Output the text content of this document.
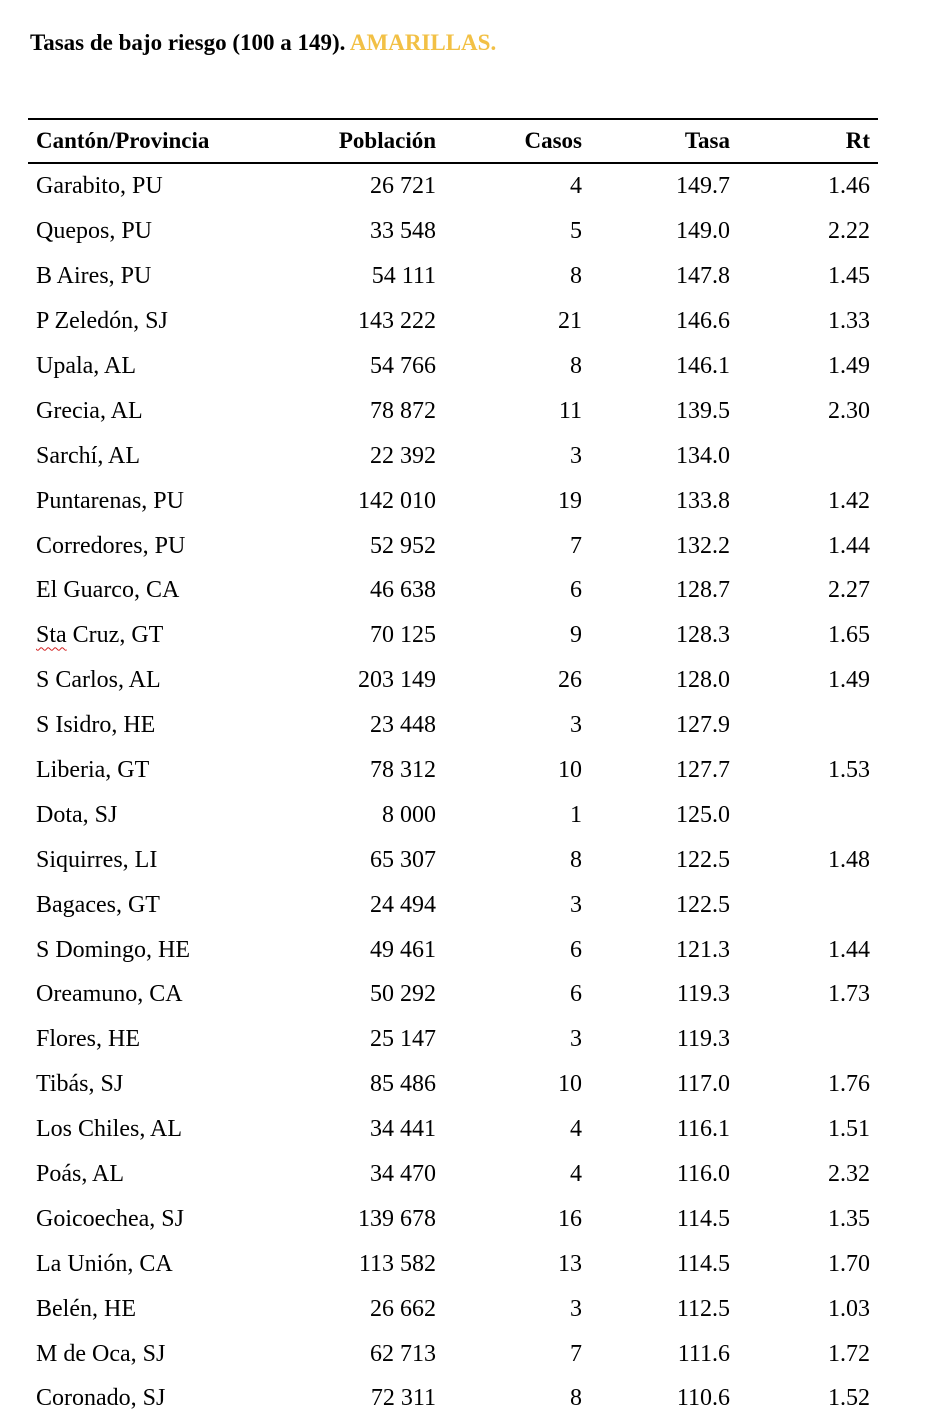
Tasas de bajo riesgo (100 a 149). AMARILLAS.
Cantón/Provincia	Población	Casos	Tasa	Rt
Garabito, PU	26 721	4	149.7	1.46
Quepos, PU	33 548	5	149.0	2.22
B Aires, PU	54 111	8	147.8	1.45
P Zeledón, SJ	143 222	21	146.6	1.33
Upala, AL	54 766	8	146.1	1.49
Grecia, AL	78 872	11	139.5	2.30
Sarchí, AL	22 392	3	134.0	
Puntarenas, PU	142 010	19	133.8	1.42
Corredores, PU	52 952	7	132.2	1.44
El Guarco, CA	46 638	6	128.7	2.27
Sta Cruz, GT	70 125	9	128.3	1.65
S Carlos, AL	203 149	26	128.0	1.49
S Isidro, HE	23 448	3	127.9	
Liberia, GT	78 312	10	127.7	1.53
Dota, SJ	8 000	1	125.0	
Siquirres, LI	65 307	8	122.5	1.48
Bagaces, GT	24 494	3	122.5	
S Domingo, HE	49 461	6	121.3	1.44
Oreamuno, CA	50 292	6	119.3	1.73
Flores, HE	25 147	3	119.3	
Tibás, SJ	85 486	10	117.0	1.76
Los Chiles, AL	34 441	4	116.1	1.51
Poás, AL	34 470	4	116.0	2.32
Goicoechea, SJ	139 678	16	114.5	1.35
La Unión, CA	113 582	13	114.5	1.70
Belén, HE	26 662	3	112.5	1.03
M de Oca, SJ	62 713	7	111.6	1.72
Coronado, SJ	72 311	8	110.6	1.52
